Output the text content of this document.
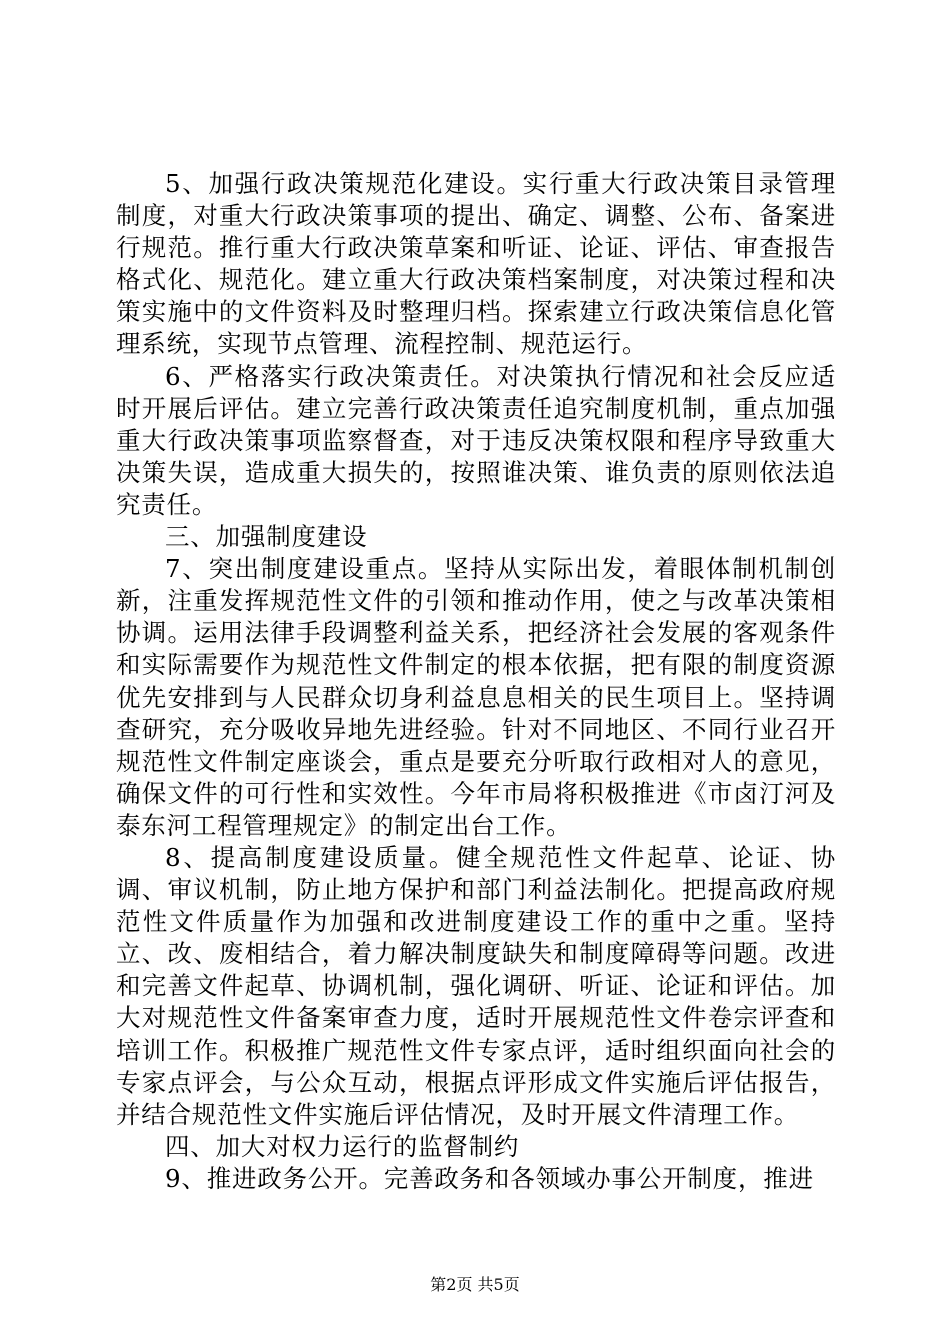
5、加强行政决策规范化建设。实行重大行政决策目录管理制度，对重大行政决策事项的提出、确定、调整、公布、备案进行规范。推行重大行政决策草案和听证、论证、评估、审查报告格式化、规范化。建立重大行政决策档案制度，对决策过程和决策实施中的文件资料及时整理归档。探索建立行政决策信息化管理系统，实现节点管理、流程控制、规范运行。

6、严格落实行政决策责任。对决策执行情况和社会反应适时开展后评估。建立完善行政决策责任追究制度机制，重点加强重大行政决策事项监察督查，对于违反决策权限和程序导致重大决策失误，造成重大损失的，按照谁决策、谁负责的原则依法追究责任。

三、加强制度建设

7、突出制度建设重点。坚持从实际出发，着眼体制机制创新，注重发挥规范性文件的引领和推动作用，使之与改革决策相协调。运用法律手段调整利益关系，把经济社会发展的客观条件和实际需要作为规范性文件制定的根本依据，把有限的制度资源优先安排到与人民群众切身利益息息相关的民生项目上。坚持调查研究，充分吸收异地先进经验。针对不同地区、不同行业召开规范性文件制定座谈会，重点是要充分听取行政相对人的意见，确保文件的可行性和实效性。今年市局将积极推进《市卤汀河及泰东河工程管理规定》的制定出台工作。

8、提高制度建设质量。健全规范性文件起草、论证、协调、审议机制，防止地方保护和部门利益法制化。把提高政府规范性文件质量作为加强和改进制度建设工作的重中之重。坚持立、改、废相结合，着力解决制度缺失和制度障碍等问题。改进和完善文件起草、协调机制，强化调研、听证、论证和评估。加大对规范性文件备案审查力度，适时开展规范性文件卷宗评查和培训工作。积极推广规范性文件专家点评，适时组织面向社会的专家点评会，与公众互动，根据点评形成文件实施后评估报告，并结合规范性文件实施后评估情况，及时开展文件清理工作。

四、加大对权力运行的监督制约

9、推进政务公开。完善政务和各领域办事公开制度，推进

第2页 共5页
